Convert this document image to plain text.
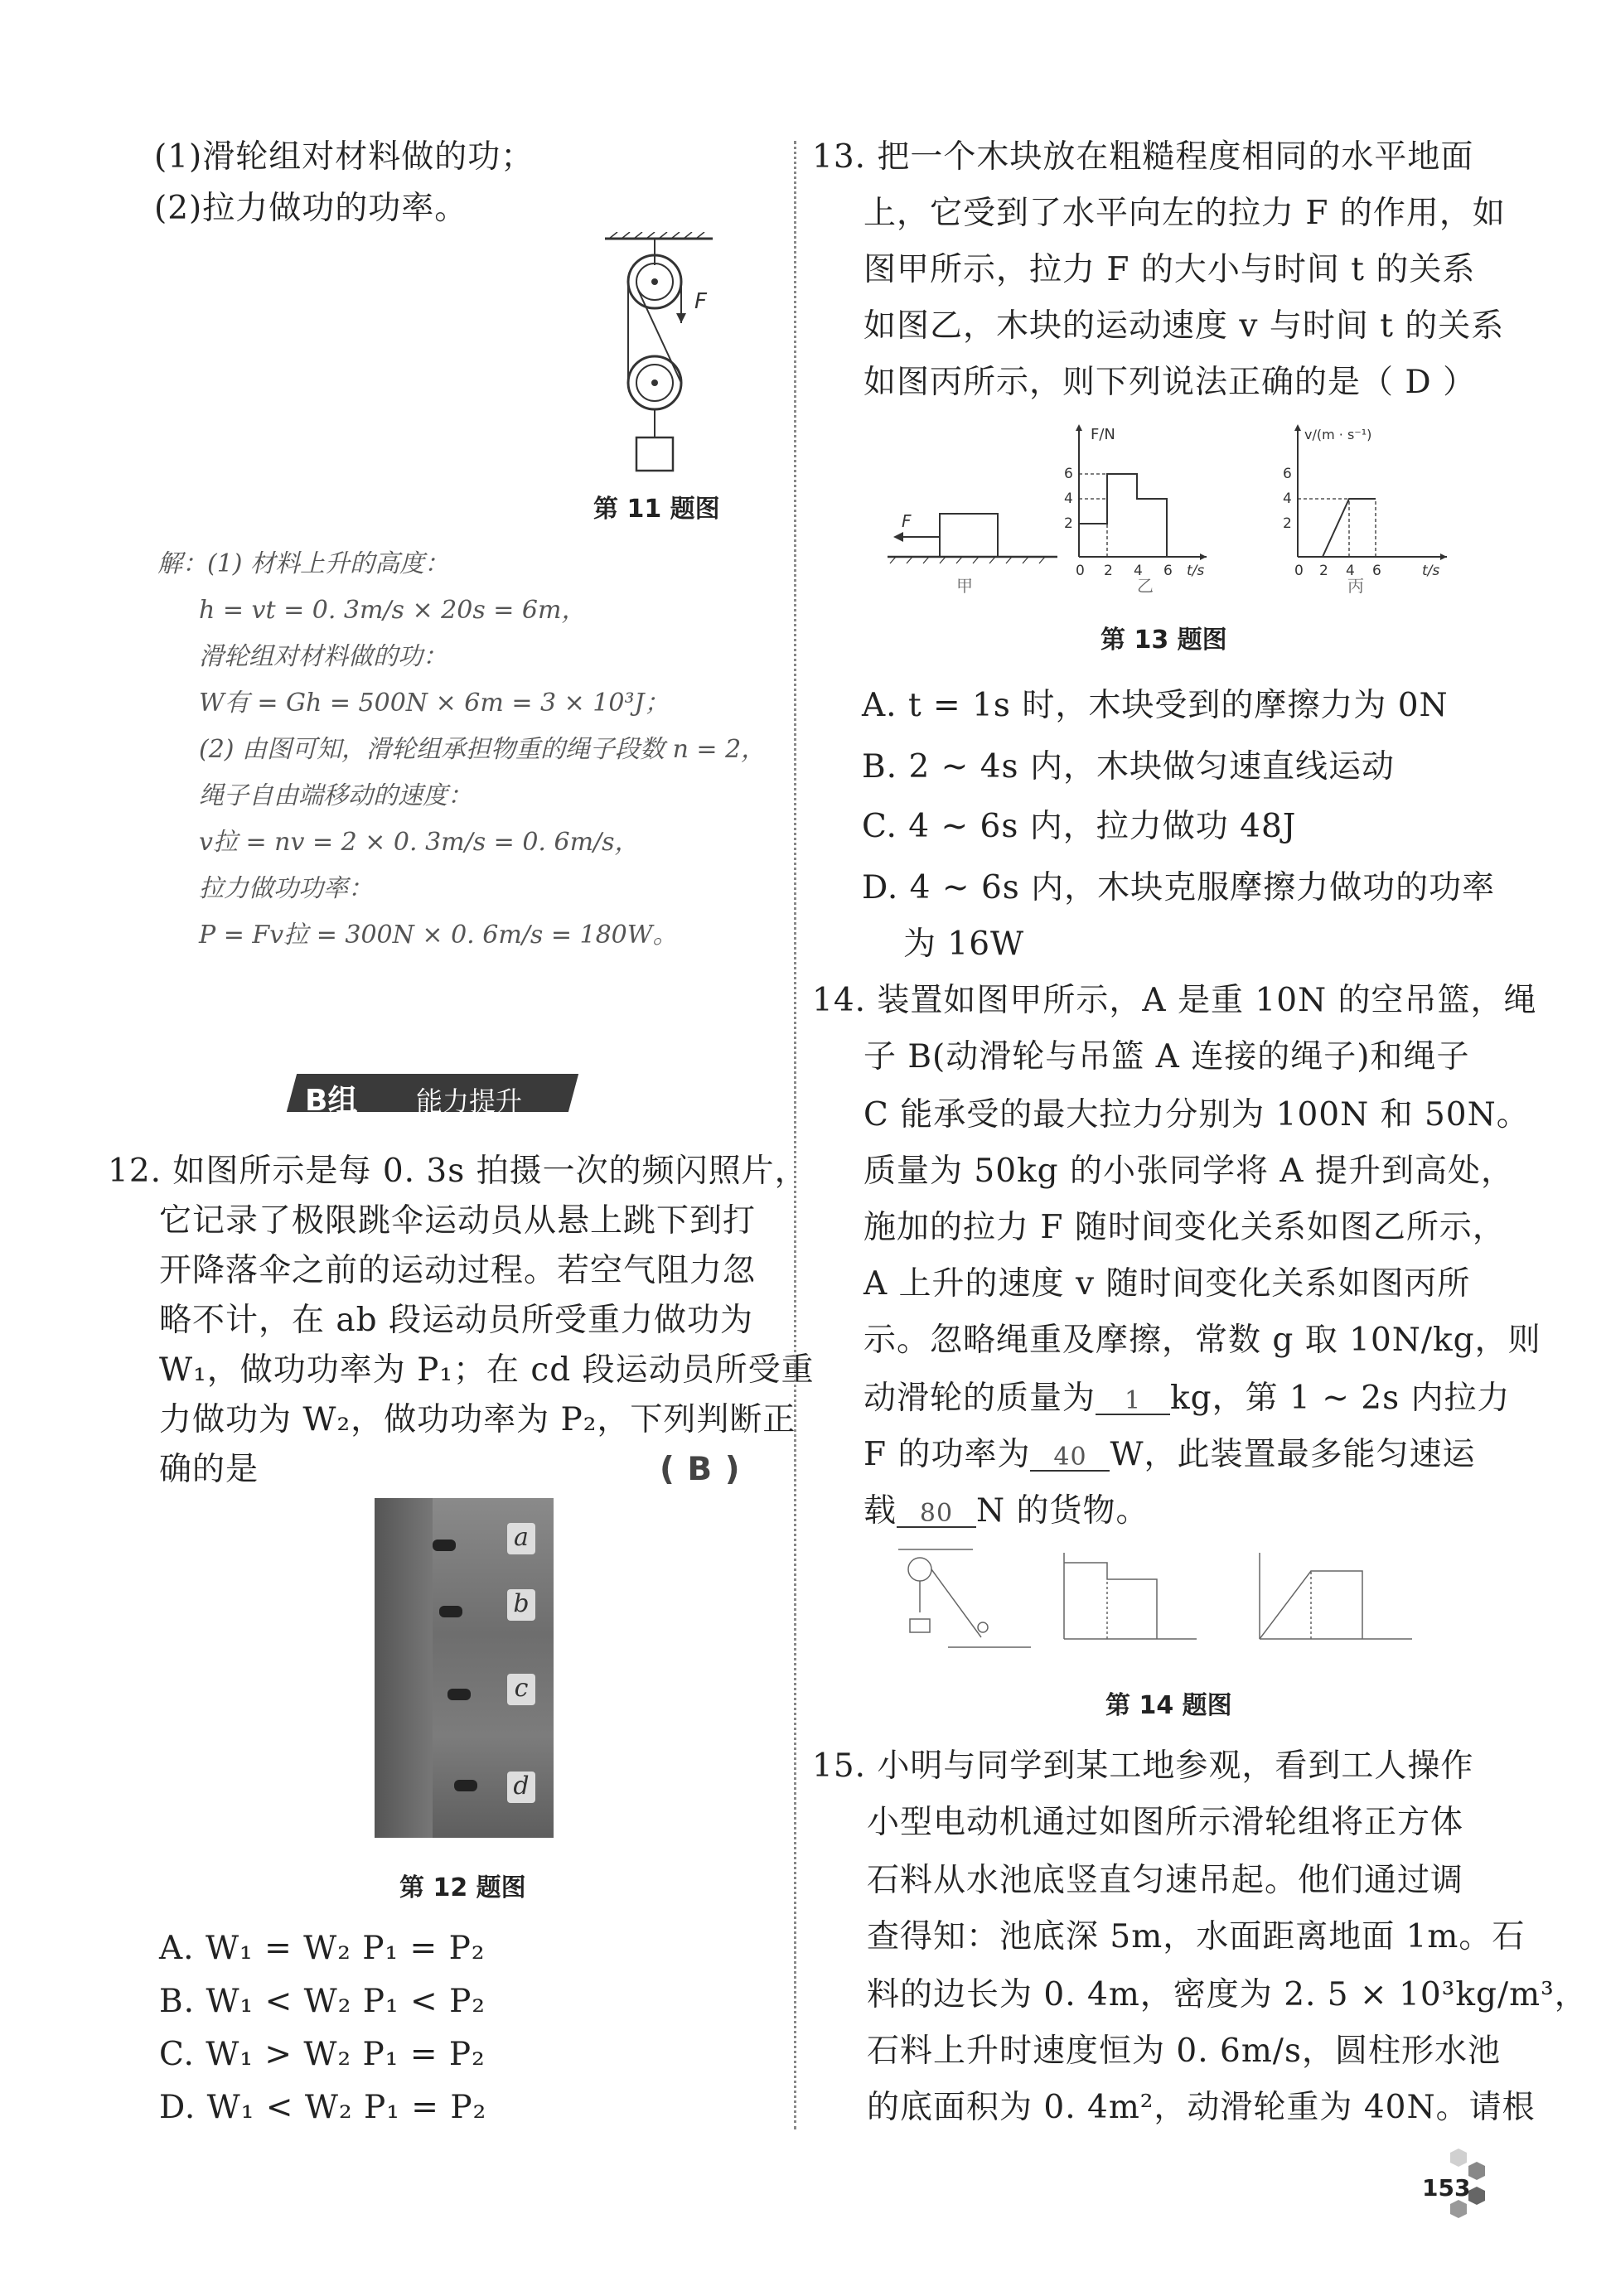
(1)滑轮组对材料做的功；
(2)拉力做功的功率。
F
第 11 题图
解：(1) 材料上升的高度：
h = vt = 0. 3m/s × 20s = 6m，
滑轮组对材料做的功：
W有 = Gh = 500N × 6m = 3 × 10³J；
(2) 由图可知，滑轮组承担物重的绳子段数 n = 2，
绳子自由端移动的速度：
v拉 = nv = 2 × 0. 3m/s = 0. 6m/s，
拉力做功功率：
P = Fv拉 = 300N × 0. 6m/s = 180W。
B组 能力提升
12. 如图所示是每 0. 3s 拍摄一次的频闪照片，
它记录了极限跳伞运动员从悬上跳下到打
开降落伞之前的运动过程。若空气阻力忽
略不计，在 ab 段运动员所受重力做功为
W₁，做功功率为 P₁；在 cd 段运动员所受重
力做功为 W₂，做功功率为 P₂，下列判断正
确的是	( B )
a
b
c
d
第 12 题图
A. W₁ = W₂ P₁ = P₂
B. W₁ < W₂ P₁ < P₂
C. W₁ > W₂ P₁ = P₂
D. W₁ < W₂ P₁ = P₂
13. 把一个木块放在粗糙程度相同的水平地面
上，它受到了水平向左的拉力 F 的作用，如
图甲所示，拉力 F 的大小与时间 t 的关系
如图乙，木块的运动速度 v 与时间 t 的关系
如图丙所示，则下列说法正确的是（ D ）
F
甲
F/N
6
4
2
0 2 4 6 t/s
乙
v/(m · s⁻¹)
6
4
2
0 2 4 6	t/s
丙
第 13 题图
A. t = 1s 时，木块受到的摩擦力为 0N
B. 2 ~ 4s 内，木块做匀速直线运动
C. 4 ~ 6s 内，拉力做功 48J
D. 4 ~ 6s 内，木块克服摩擦力做功的功率
为 16W
14. 装置如图甲所示，A 是重 10N 的空吊篮，绳
子 B(动滑轮与吊篮 A 连接的绳子)和绳子
C 能承受的最大拉力分别为 100N 和 50N。
质量为 50kg 的小张同学将 A 提升到高处，
施加的拉力 F 随时间变化关系如图乙所示，
A 上升的速度 v 随时间变化关系如图丙所
示。忽略绳重及摩擦，常数 g 取 10N/kg，则
动滑轮的质量为 1 kg，第 1 ~ 2s 内拉力
F 的功率为 40 W，此装置最多能匀速运
载 80 N 的货物。
第 14 题图
15. 小明与同学到某工地参观，看到工人操作
小型电动机通过如图所示滑轮组将正方体
石料从水池底竖直匀速吊起。他们通过调
查得知：池底深 5m，水面距离地面 1m。石
料的边长为 0. 4m，密度为 2. 5 × 10³kg/m³，
石料上升时速度恒为 0. 6m/s，圆柱形水池
的底面积为 0. 4m²，动滑轮重为 40N。请根
153
